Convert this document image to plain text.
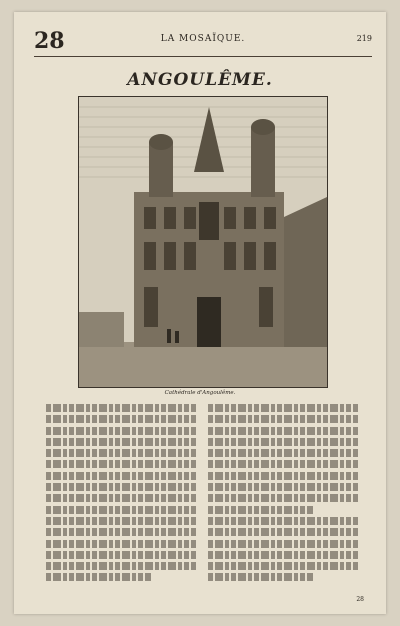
28	LA MOSAÏQUE.	219
ANGOULÊME.
Cathédrale d'Angoulême.
28
